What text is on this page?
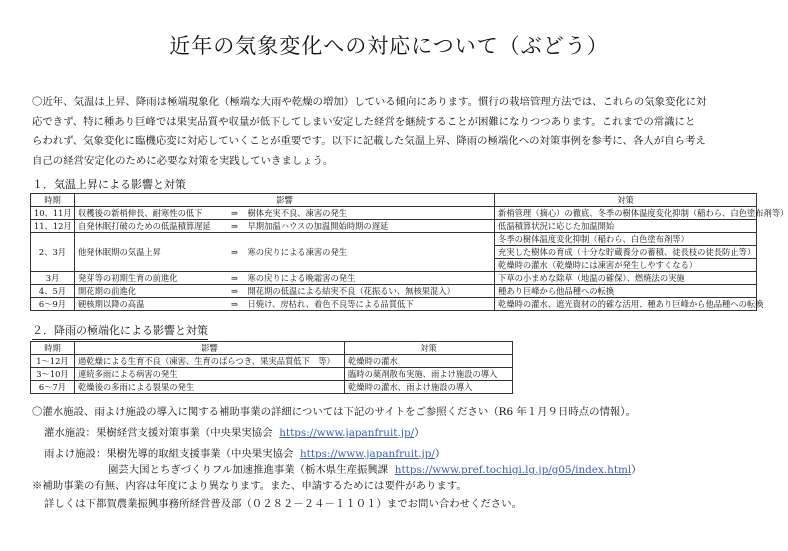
近年の気象変化への対応について（ぶどう）
〇近年、気温は上昇、降雨は極端現象化（極端な大雨や乾燥の増加）している傾向にあります。慣行の栽培管理方法では、これらの気象変化に対
応できず、特に種あり巨峰では果実品質や収量が低下してしまい安定した経営を継続することが困難になりつつあります。これまでの常識にと
らわれず、気象変化に臨機応変に対応していくことが重要です。以下に記載した気温上昇、降雨の極端化への対策事例を参考に、各人が自ら考え
自己の経営安定化のために必要な対策を実践していきましょう。
１．気温上昇による影響と対策
時期	影響			対策
10、11月	収穫後の新梢伸長、耐寒性の低下	⇒	樹体充実不良、凍害の発生	新梢管理（摘心）の徹底、冬季の樹体温度変化抑制（稲わら、白色塗布剤等）
11、12月	自発休眠打破のための低温積算遅延	⇒	早期加温ハウスの加温開始時期の遅延	低温積算状況に応じた加温開始
2、3月	他発休眠期の気温上昇	⇒	寒の戻りによる凍害の発生	冬季の樹体温度変化抑制（稲わら、白色塗布剤等）
				充実した樹体の育成（十分な貯蔵養分の蓄積、徒長枝の徒長防止等）
				乾燥時の灌水（乾燥時には凍害が発生しやすくなる）
3月	発芽等の初期生育の前進化	⇒	寒の戻りによる晩霜害の発生	下草の小まめな除草（地温の確保）、燃焼法の実施
4、5月	開花期の前進化	⇒	開花期の低温による結実不良（花振るい、無核果混入）	種あり巨峰から他品種への転換
6～9月	硬核期以降の高温	⇒	日焼け、房枯れ、着色不良等による品質低下	乾燥時の灌水、遮光資材の的確な活用、種あり巨峰から他品種への転換
２．降雨の極端化による影響と対策
時期	影響	対策
1～12月	過乾燥による生育不良（凍害、生育のばらつき、果実品質低下　等）	乾燥時の灌水
3～10月	連続多雨による病害の発生	臨時の薬剤散布実施、雨よけ施設の導入
6～7月	乾燥後の多雨による裂果の発生	乾燥時の灌水、雨よけ施設の導入
〇灌水施設、雨よけ施設の導入に関する補助事業の詳細については下記のサイトをご参照ください（R6 年１月９日時点の情報）。
灌水施設：果樹経営支援対策事業（中央果実協会 https://www.japanfruit.jp/）
雨よけ施設：果樹先導的取組支援事業（中央果実協会 https://www.japanfruit.jp/）
園芸大国とちぎづくりフル加速推進事業（栃木県生産振興課 https://www.pref.tochigi.lg.jp/g05/index.html）
※補助事業の有無、内容は年度により異なります。また、申請するためには要件があります。
詳しくは下都賀農業振興事務所経営普及部（０２８２－２４－１１０１）までお問い合わせください。
